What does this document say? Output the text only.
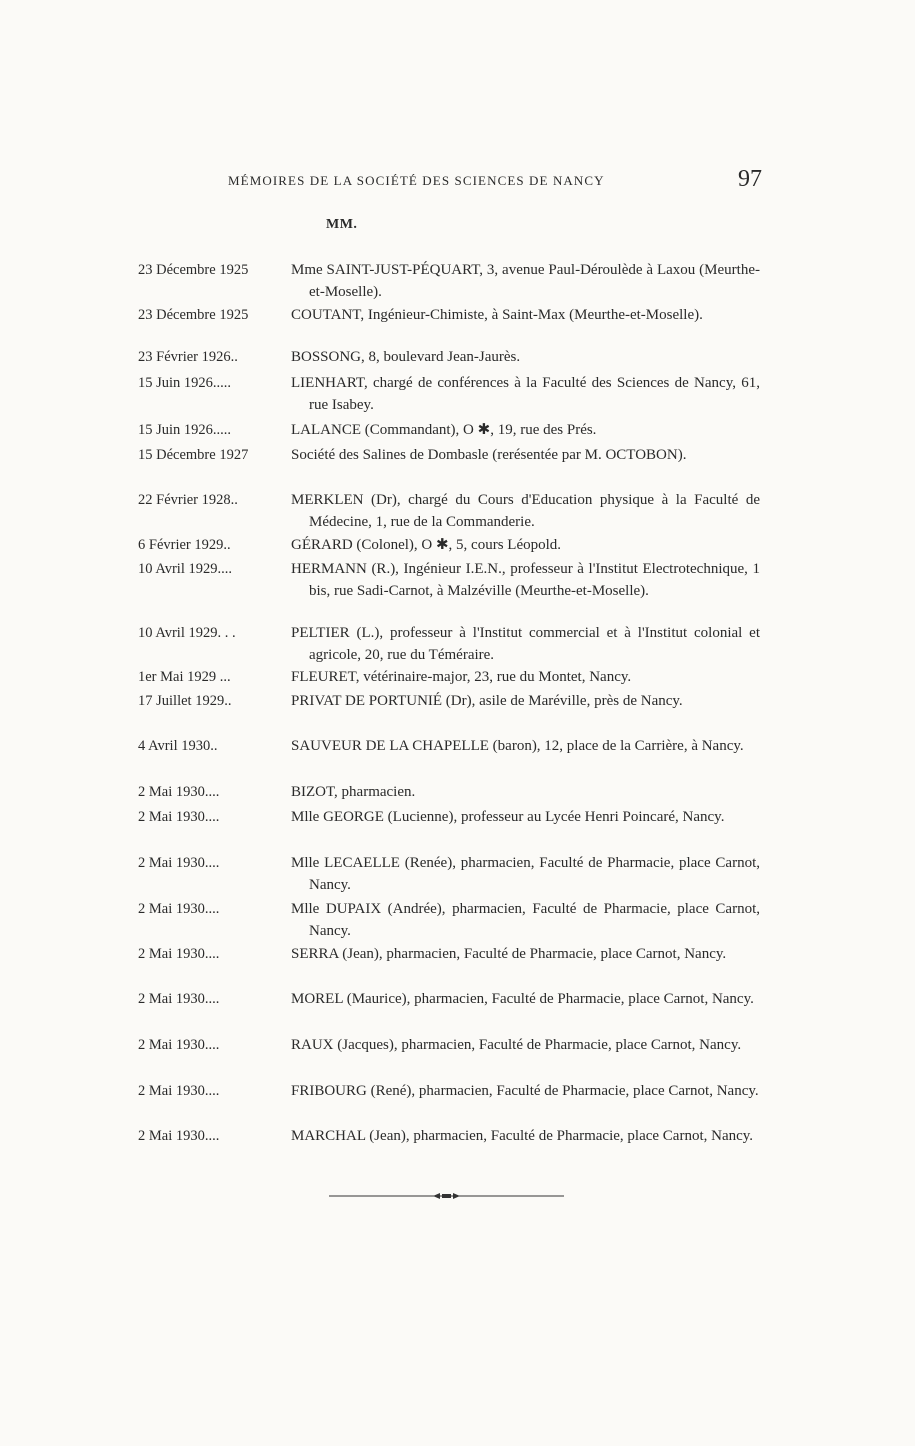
MÉMOIRES DE LA SOCIÉTÉ DES SCIENCES DE NANCY	97
MM.
23 Décembre 1925	Mme SAINT-JUST-PÉQUART, 3, avenue Paul-Déroulède à Laxou (Meurthe-et-Moselle).
23 Décembre 1925	COUTANT, Ingénieur-Chimiste, à Saint-Max (Meurthe-et-Moselle).
23 Février 1926..	BOSSONG, 8, boulevard Jean-Jaurès.
15 Juin 1926.....	LIENHART, chargé de conférences à la Faculté des Sciences de Nancy, 61, rue Isabey.
15 Juin 1926.....	LALANCE (Commandant), O ✱, 19, rue des Prés.
15 Décembre 1927	Société des Salines de Dombasle (rerésentée par M. OCTOBON).
22 Février 1928..	MERKLEN (Dr), chargé du Cours d'Education physique à la Faculté de Médecine, 1, rue de la Commanderie.
6 Février 1929..	GÉRARD (Colonel), O ✱, 5, cours Léopold.
10 Avril 1929....	HERMANN (R.), Ingénieur I.E.N., professeur à l'Institut Electrotechnique, 1 bis, rue Sadi-Carnot, à Malzéville (Meurthe-et-Moselle).
10 Avril 1929. . .	PELTIER (L.), professeur à l'Institut commercial et à l'Institut colonial et agricole, 20, rue du Téméraire.
1er Mai 1929 ...	FLEURET, vétérinaire-major, 23, rue du Montet, Nancy.
17 Juillet 1929..	PRIVAT DE PORTUNIÉ (Dr), asile de Maréville, près de Nancy.
4 Avril 1930..	SAUVEUR DE LA CHAPELLE (baron), 12, place de la Carrière, à Nancy.
2 Mai 1930....	BIZOT, pharmacien.
2 Mai 1930....	Mlle GEORGE (Lucienne), professeur au Lycée Henri Poincaré, Nancy.
2 Mai 1930....	Mlle LECAELLE (Renée), pharmacien, Faculté de Pharmacie, place Carnot, Nancy.
2 Mai 1930....	Mlle DUPAIX (Andrée), pharmacien, Faculté de Pharmacie, place Carnot, Nancy.
2 Mai 1930....	SERRA (Jean), pharmacien, Faculté de Pharmacie, place Carnot, Nancy.
2 Mai 1930....	MOREL (Maurice), pharmacien, Faculté de Pharmacie, place Carnot, Nancy.
2 Mai 1930....	RAUX (Jacques), pharmacien, Faculté de Pharmacie, place Carnot, Nancy.
2 Mai 1930....	FRIBOURG (René), pharmacien, Faculté de Pharmacie, place Carnot, Nancy.
2 Mai 1930....	MARCHAL (Jean), pharmacien, Faculté de Pharmacie, place Carnot, Nancy.
